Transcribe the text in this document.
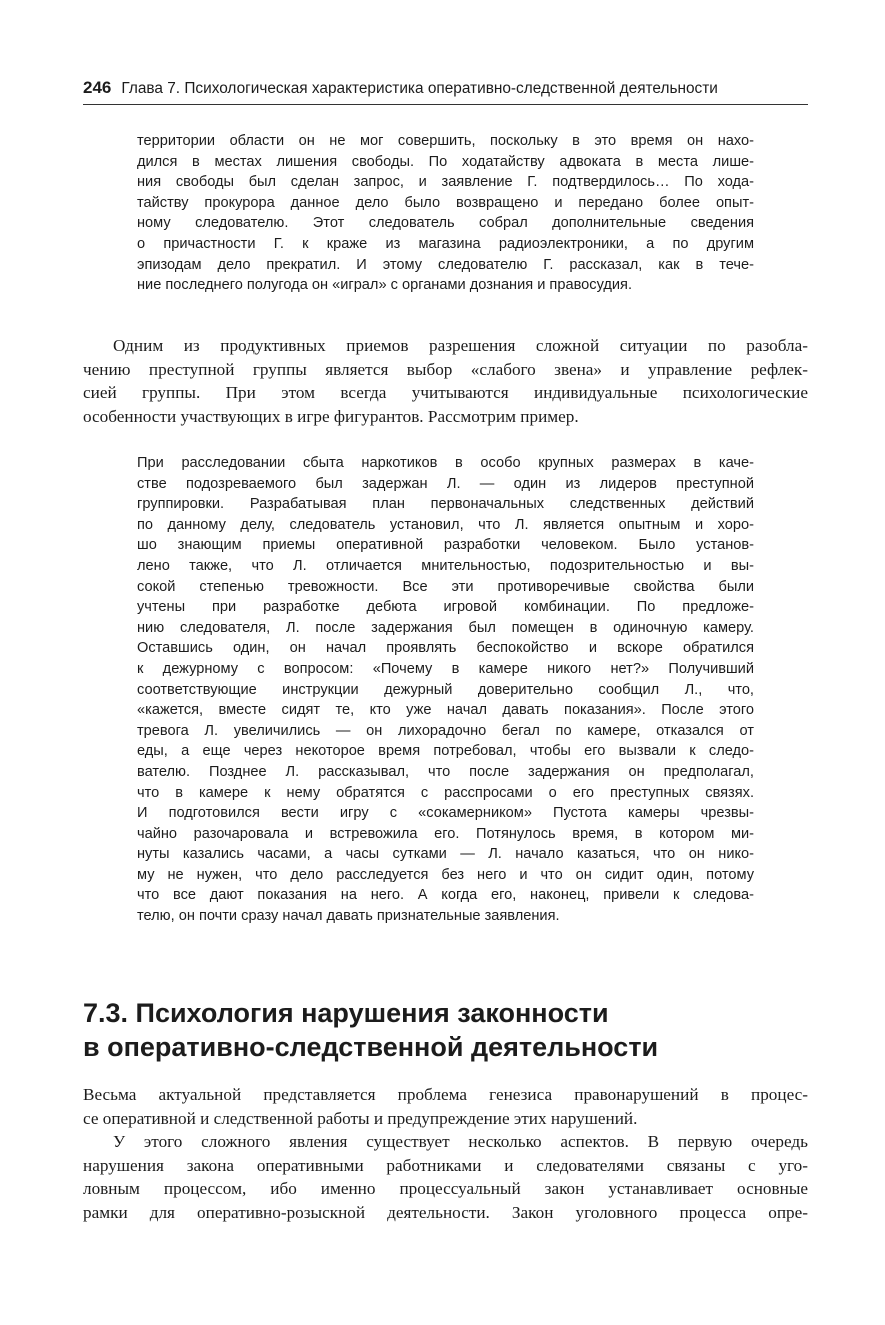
246 Глава 7. Психологическая характеристика оперативно-следственной деятельности
территории области он не мог совершить, поскольку в это время он нахо-
дился в местах лишения свободы. По ходатайству адвоката в места лише-
ния свободы был сделан запрос, и заявление Г. подтвердилось… По хода-
тайству прокурора данное дело было возвращено и передано более опыт-
ному следователю. Этот следователь собрал дополнительные сведения
о причастности Г. к краже из магазина радиоэлектроники, а по другим
эпизодам дело прекратил. И этому следователю Г. рассказал, как в тече-
ние последнего полугода он «играл» с органами дознания и правосудия.
Одним из продуктивных приемов разрешения сложной ситуации по разобла-
чению преступной группы является выбор «слабого звена» и управление рефлек-
сией группы. При этом всегда учитываются индивидуальные психологические
особенности участвующих в игре фигурантов. Рассмотрим пример.
При расследовании сбыта наркотиков в особо крупных размерах в каче-
стве подозреваемого был задержан Л. — один из лидеров преступной
группировки. Разрабатывая план первоначальных следственных действий
по данному делу, следователь установил, что Л. является опытным и хоро-
шо знающим приемы оперативной разработки человеком. Было установ-
лено также, что Л. отличается мнительностью, подозрительностью и вы-
сокой степенью тревожности. Все эти противоречивые свойства были
учтены при разработке дебюта игровой комбинации. По предложе-
нию следователя, Л. после задержания был помещен в одиночную камеру.
Оставшись один, он начал проявлять беспокойство и вскоре обратился
к дежурному с вопросом: «Почему в камере никого нет?» Получивший
соответствующие инструкции дежурный доверительно сообщил Л., что,
«кажется, вместе сидят те, кто уже начал давать показания». После этого
тревога Л. увеличились — он лихорадочно бегал по камере, отказался от
еды, а еще через некоторое время потребовал, чтобы его вызвали к следо-
вателю. Позднее Л. рассказывал, что после задержания он предполагал,
что в камере к нему обратятся с расспросами о его преступных связях.
И подготовился вести игру с «сокамерником» Пустота камеры чрезвы-
чайно разочаровала и встревожила его. Потянулось время, в котором ми-
нуты казались часами, а часы сутками — Л. начало казаться, что он нико-
му не нужен, что дело расследуется без него и что он сидит один, потому
что все дают показания на него. А когда его, наконец, привели к следова-
телю, он почти сразу начал давать признательные заявления.
7.3. Психология нарушения законности
в оперативно-следственной деятельности
Весьма актуальной представляется проблема генезиса правонарушений в процес-
се оперативной и следственной работы и предупреждение этих нарушений.
У этого сложного явления существует несколько аспектов. В первую очередь
нарушения закона оперативными работниками и следователями связаны с уго-
ловным процессом, ибо именно процессуальный закон устанавливает основные
рамки для оперативно-розыскной деятельности. Закон уголовного процесса опре-
